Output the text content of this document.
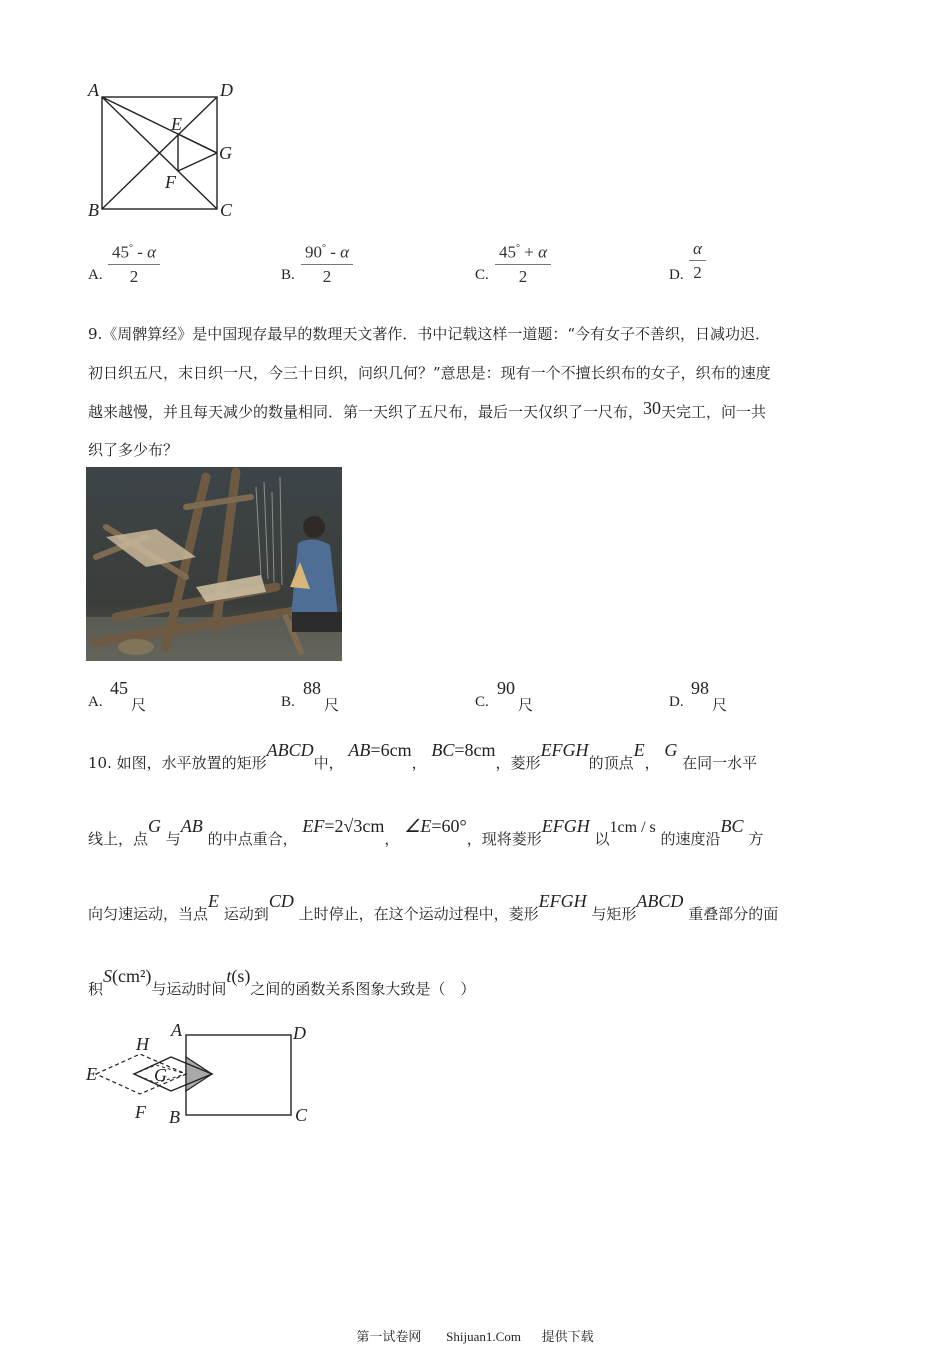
A	D
E
G
F
B	C
A. $\frac{45^\circ - \alpha}{2}$	B. $\frac{90^\circ - \alpha}{2}$	C. $\frac{45^\circ + \alpha}{2}$	D. $\frac{\alpha}{2}$
9.《周髀算经》是中国现存最早的数理天文著作．书中记载这样一道题：“今有女子不善织，日减功迟．
初日织五尺，末日织一尺，今三十日织，问织几何？”意思是：现有一个不擅长织布的女子，织布的速度
越来越慢，并且每天减少的数量相同．第一天织了五尺布，最后一天仅织了一尺布，30天完工，问一共
织了多少布？
A.
45
尺	B.
88
尺	C.
90
尺	D.
98
尺
10. 如图，水平放置的矩形ABCD中， AB=6cm， BC=8cm，菱形EFGH的顶点E， G 在同一水平
线上，点G 与AB 的中点重合， EF=2√3cm， ∠E=60°，现将菱形EFGH 以1cm / s 的速度沿BC 方
向匀速运动，当点E 运动到CD 上时停止，在这个运动过程中，菱形EFGH 与矩形ABCD 重叠部分的面
积S(cm²)与运动时间t(s)之间的函数关系图象大致是（　）
A	D
H
E	G
F B	C
第一试卷网 Shijuan1.Com 提供下载
